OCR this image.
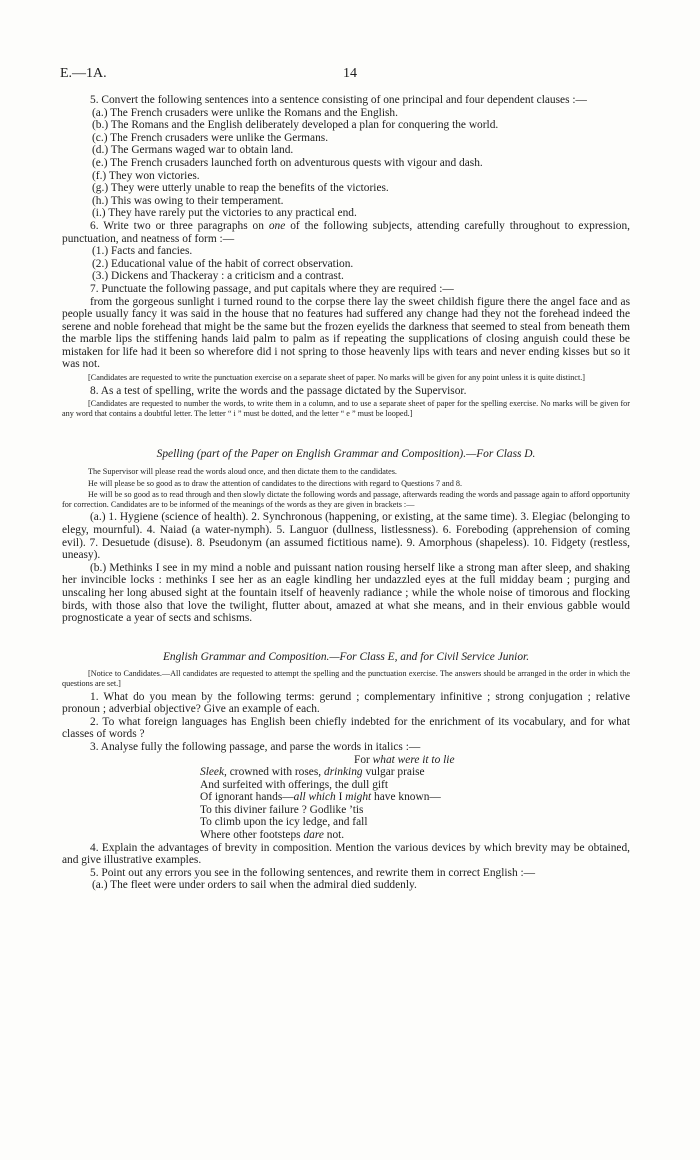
E.—1A.	14

5. Convert the following sentences into a sentence consisting of one principal and four dependent clauses :—

(a.) The French crusaders were unlike the Romans and the English.

(b.) The Romans and the English deliberately developed a plan for conquering the world.

(c.) The French crusaders were unlike the Germans.

(d.) The Germans waged war to obtain land.

(e.) The French crusaders launched forth on adventurous quests with vigour and dash.

(f.) They won victories.

(g.) They were utterly unable to reap the benefits of the victories.

(h.) This was owing to their temperament.

(i.) They have rarely put the victories to any practical end.

6. Write two or three paragraphs on one of the following subjects, attending carefully throughout to expression, punctuation, and neatness of form :—

(1.) Facts and fancies.

(2.) Educational value of the habit of correct observation.

(3.) Dickens and Thackeray : a criticism and a contrast.

7. Punctuate the following passage, and put capitals where they are required :—

from the gorgeous sunlight i turned round to the corpse there lay the sweet childish figure there the angel face and as people usually fancy it was said in the house that no features had suffered any change had they not the forehead indeed the serene and noble forehead that might be the same but the frozen eyelids the darkness that seemed to steal from beneath them the marble lips the stiffening hands laid palm to palm as if repeating the supplications of closing anguish could these be mistaken for life had it been so wherefore did i not spring to those heavenly lips with tears and never ending kisses but so it was not.

[Candidates are requested to write the punctuation exercise on a separate sheet of paper. No marks will be given for any point unless it is quite distinct.]

8. As a test of spelling, write the words and the passage dictated by the Supervisor.

[Candidates are requested to number the words, to write them in a column, and to use a separate sheet of paper for the spelling exercise. No marks will be given for any word that contains a doubtful letter. The letter “ i ” must be dotted, and the letter “ e ” must be looped.]

Spelling (part of the Paper on English Grammar and Composition).—For Class D.

The Supervisor will please read the words aloud once, and then dictate them to the candidates.

He will please be so good as to draw the attention of candidates to the directions with regard to Questions 7 and 8.

He will be so good as to read through and then slowly dictate the following words and passage, afterwards reading the words and passage again to afford opportunity for correction. Candidates are to be informed of the meanings of the words as they are given in brackets :—

(a.) 1. Hygiene (science of health). 2. Synchronous (happening, or existing, at the same time). 3. Elegiac (belonging to elegy, mournful). 4. Naiad (a water-nymph). 5. Languor (dullness, listlessness). 6. Foreboding (apprehension of coming evil). 7. Desuetude (disuse). 8. Pseudonym (an assumed fictitious name). 9. Amorphous (shapeless). 10. Fidgety (restless, uneasy).

(b.) Methinks I see in my mind a noble and puissant nation rousing herself like a strong man after sleep, and shaking her invincible locks : methinks I see her as an eagle kindling her undazzled eyes at the full midday beam ; purging and unscaling her long abused sight at the fountain itself of heavenly radiance ; while the whole noise of timorous and flocking birds, with those also that love the twilight, flutter about, amazed at what she means, and in their envious gabble would prognosticate a year of sects and schisms.

English Grammar and Composition.—For Class E, and for Civil Service Junior.

[Notice to Candidates.—All candidates are requested to attempt the spelling and the punctuation exercise. The answers should be arranged in the order in which the questions are set.]

1. What do you mean by the following terms: gerund ; complementary infinitive ; strong conjugation ; relative pronoun ; adverbial objective? Give an example of each.

2. To what foreign languages has English been chiefly indebted for the enrichment of its vocabulary, and for what classes of words ?

3. Analyse fully the following passage, and parse the words in italics :—

For what were it to lie

Sleek, crowned with roses, drinking vulgar praise

And surfeited with offerings, the dull gift

Of ignorant hands—all which I might have known—

To this diviner failure ? Godlike ’tis

To climb upon the icy ledge, and fall

Where other footsteps dare not.

4. Explain the advantages of brevity in composition. Mention the various devices by which brevity may be obtained, and give illustrative examples.

5. Point out any errors you see in the following sentences, and rewrite them in correct English :—

(a.) The fleet were under orders to sail when the admiral died suddenly.
